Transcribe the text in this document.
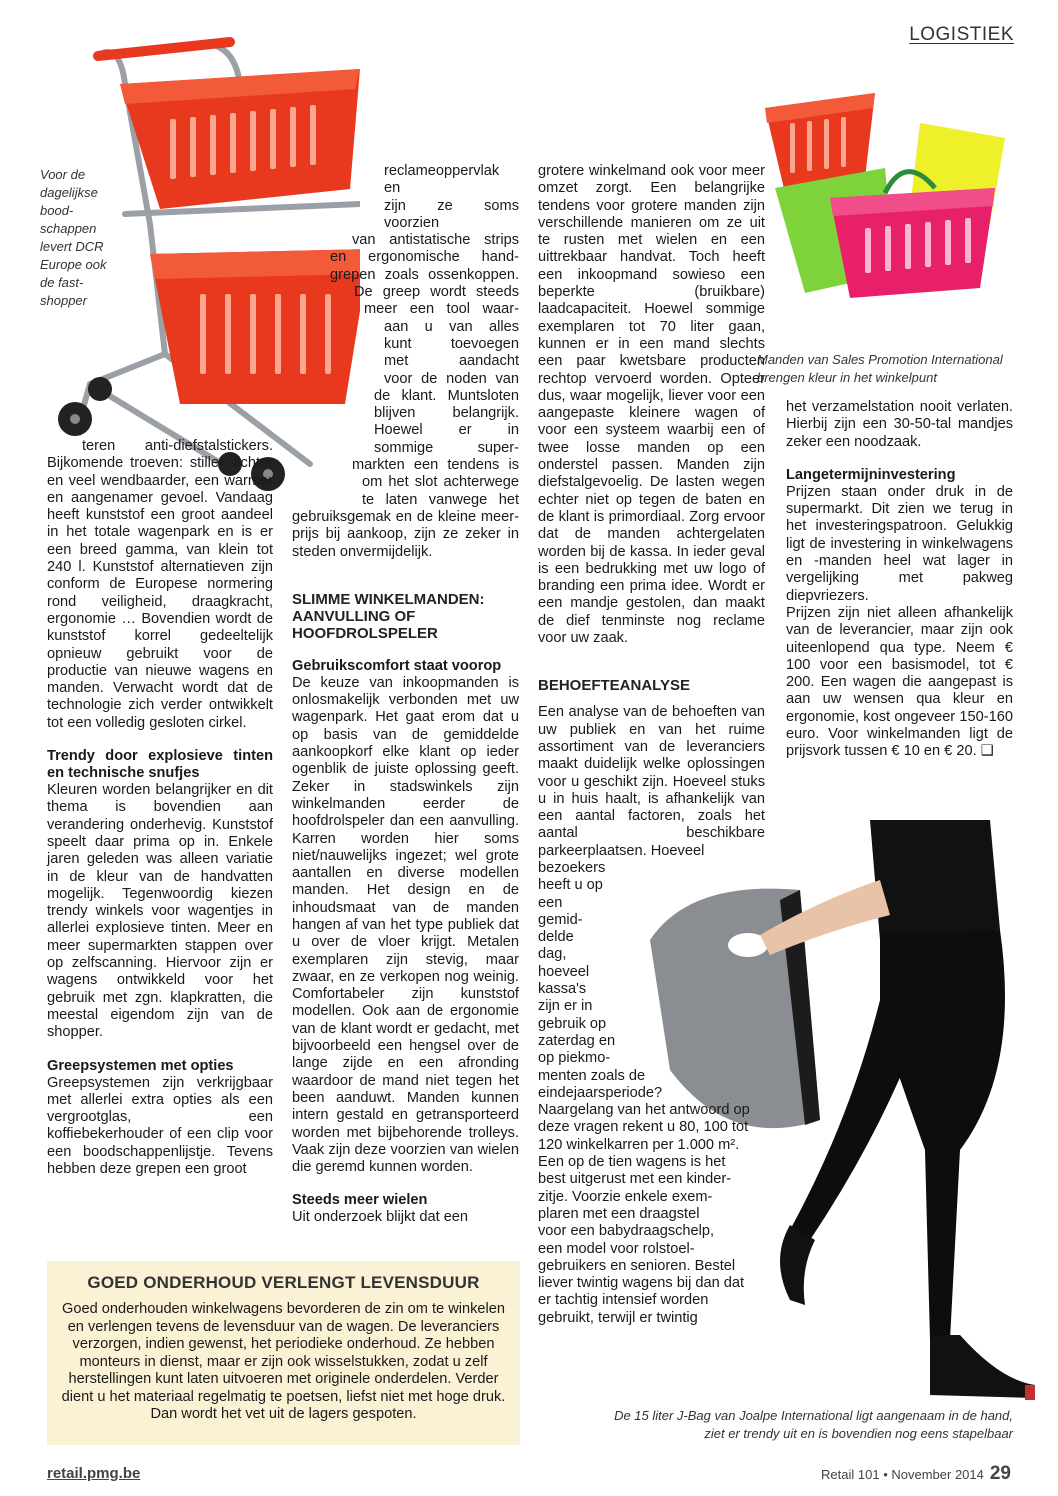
LOGISTIEK
Voor de
dagelijkse
bood-
schappen
levert DCR
Europe ook
de fast-
shopper
Manden van Sales Promotion International
brengen kleur in het winkelpunt
De 15 liter J-Bag van Joalpe International ligt aangenaam in de hand,
ziet er trendy uit en is bovendien nog eens stapelbaar

teren anti-diefstalstickers. Bijkomende troeven: stiller, lichter en veel wendbaarder, een warmer en aangenamer gevoel. Vandaag heeft kunststof een groot aandeel in het totale wagenpark en is er een breed gamma, van klein tot 240 l. Kunststof alternatieven zijn conform de Europese normering rond veiligheid, draagkracht, ergonomie … Bovendien wordt de kunststof korrel gedeeltelijk opnieuw gebruikt voor de productie van nieuwe wagens en manden. Verwacht wordt dat de technologie zich verder ontwikkelt tot een volledig gesloten cirkel.

Trendy door explosieve tinten en technische snufjes

Kleuren worden belangrijker en dit thema is bovendien aan verandering onderhevig. Kunststof speelt daar prima op in. Enkele jaren geleden was alleen variatie in de kleur van de handvatten mogelijk. Tegenwoordig kiezen trendy winkels voor wagentjes in allerlei explosieve tinten. Meer en meer supermarkten stappen over op zelfscanning. Hiervoor zijn er wagens ontwikkeld voor het gebruik met zgn. klapkratten, die meestal eigendom zijn van de shopper.

Greepsystemen met opties

Greepsystemen zijn verkrijgbaar met allerlei extra opties als een vergrootglas, een koffiebekerhouder of een clip voor een boodschappenlijstje. Tevens hebben deze grepen een groot

reclameoppervlak en
zijn ze soms voorzien
van antistatische strips
en ergonomische hand-
grepen zoals ossenkoppen.
De greep wordt steeds
meer een tool waar-
aan u van alles
kunt toevoegen
met aandacht
voor de noden van
de klant. Muntsloten
blijven belangrijk.
Hoewel er in
sommige super-
markten een tendens is
om het slot achterwege
te laten vanwege het
gebruiksgemak en de kleine meer-
prijs bij aankoop, zijn ze zeker in
steden onvermijdelijk.

SLIMME WINKELMANDEN: AANVULLING OF HOOFDROLSPELER

Gebruikscomfort staat voorop

De keuze van inkoopmanden is onlosmakelijk verbonden met uw wagenpark. Het gaat erom dat u op basis van de gemiddelde aankoopkorf elke klant op ieder ogenblik de juiste oplossing geeft. Zeker in stadswinkels zijn winkelmanden eerder de hoofdrolspeler dan een aanvulling. Karren worden hier soms niet/nauwelijks ingezet; wel grote aantallen en diverse modellen manden. Het design en de inhoudsmaat van de manden hangen af van het type publiek dat u over de vloer krijgt. Metalen exemplaren zijn stevig, maar zwaar, en ze verkopen nog weinig. Comfortabeler zijn kunststof modellen. Ook aan de ergonomie van de klant wordt er gedacht, met bijvoorbeeld een hengsel over de lange zijde en een afronding waardoor de mand niet tegen het been aanduwt. Manden kunnen intern gestald en getransporteerd worden met bijbehorende trolleys. Vaak zijn deze voorzien van wielen die geremd kunnen worden.

Steeds meer wielen

Uit onderzoek blijkt dat een

grotere winkelmand ook voor meer omzet zorgt. Een belangrijke tendens voor grotere manden zijn verschillende manieren om ze uit te rusten met wielen en een uittrekbaar handvat. Toch heeft een inkoopmand sowieso een beperkte (bruikbare) laadcapaciteit. Hoewel sommige exemplaren tot 70 liter gaan, kunnen er in een mand slechts een paar kwetsbare producten rechtop vervoerd worden. Opteer dus, waar mogelijk, liever voor een aangepaste kleinere wagen of voor een systeem waarbij een of twee losse manden op een onderstel passen. Manden zijn diefstalgevoelig. De lasten wegen echter niet op tegen de baten en de klant is primordiaal. Zorg ervoor dat de manden achtergelaten worden bij de kassa. In ieder geval is een bedrukking met uw logo of branding een prima idee. Wordt er een mandje gestolen, dan maakt de dief tenminste nog reclame voor uw zaak.

BEHOEFTEANALYSE

Een analyse van de behoeften van uw publiek en van het ruime assortiment van de leveranciers maakt duidelijk welke oplossingen voor u geschikt zijn. Hoeveel stuks u in huis haalt, is afhankelijk van een aantal factoren, zoals het aantal beschikbare parkeerplaatsen. Hoeveel

bezoekers
heeft u op
een
gemid-
delde
dag,
hoeveel
kassa's
zijn er in
gebruik op
zaterdag en
op piekmo-
menten zoals de
eindejaarsperiode?
Naargelang van het antwoord op
deze vragen rekent u 80, 100 tot
120 winkelkarren per 1.000 m².
Een op de tien wagens is het
best uitgerust met een kinder-
zitje. Voorzie enkele exem-
plaren met een draagstel
voor een babydraagschelp,
een model voor rolstoel-
gebruikers en senioren. Bestel
liever twintig wagens bij dan dat
er tachtig intensief worden
gebruikt, terwijl er twintig

het verzamelstation nooit verlaten. Hierbij zijn een 30-50-tal mandjes zeker een noodzaak.

Langetermijninvestering

Prijzen staan onder druk in de supermarkt. Dit zien we terug in het investeringspatroon. Gelukkig ligt de investering in winkelwagens en -manden heel wat lager in vergelijking met pakweg diepvriezers.

Prijzen zijn niet alleen afhankelijk van de leverancier, maar zijn ook uiteenlopend qua type. Neem € 100 voor een basismodel, tot € 200. Een wagen die aangepast is aan uw wensen qua kleur en ergonomie, kost ongeveer 150-160 euro. Voor winkelmanden ligt de prijsvork tussen € 10 en € 20. ❑

GOED ONDERHOUD VERLENGT LEVENSDUUR

Goed onderhouden winkelwagens bevorderen de zin om te winkelen en verlengen tevens de levensduur van de wagen. De leveranciers verzorgen, indien gewenst, het periodieke onderhoud. Ze hebben monteurs in dienst, maar er zijn ook wisselstukken, zodat u zelf herstellingen kunt laten uitvoeren met originele onderdelen. Verder dient u het materiaal regelmatig te poetsen, liefst niet met hoge druk. Dan wordt het vet uit de lagers gespoten.

retail.pmg.be	Retail 101 • November 2014 29
